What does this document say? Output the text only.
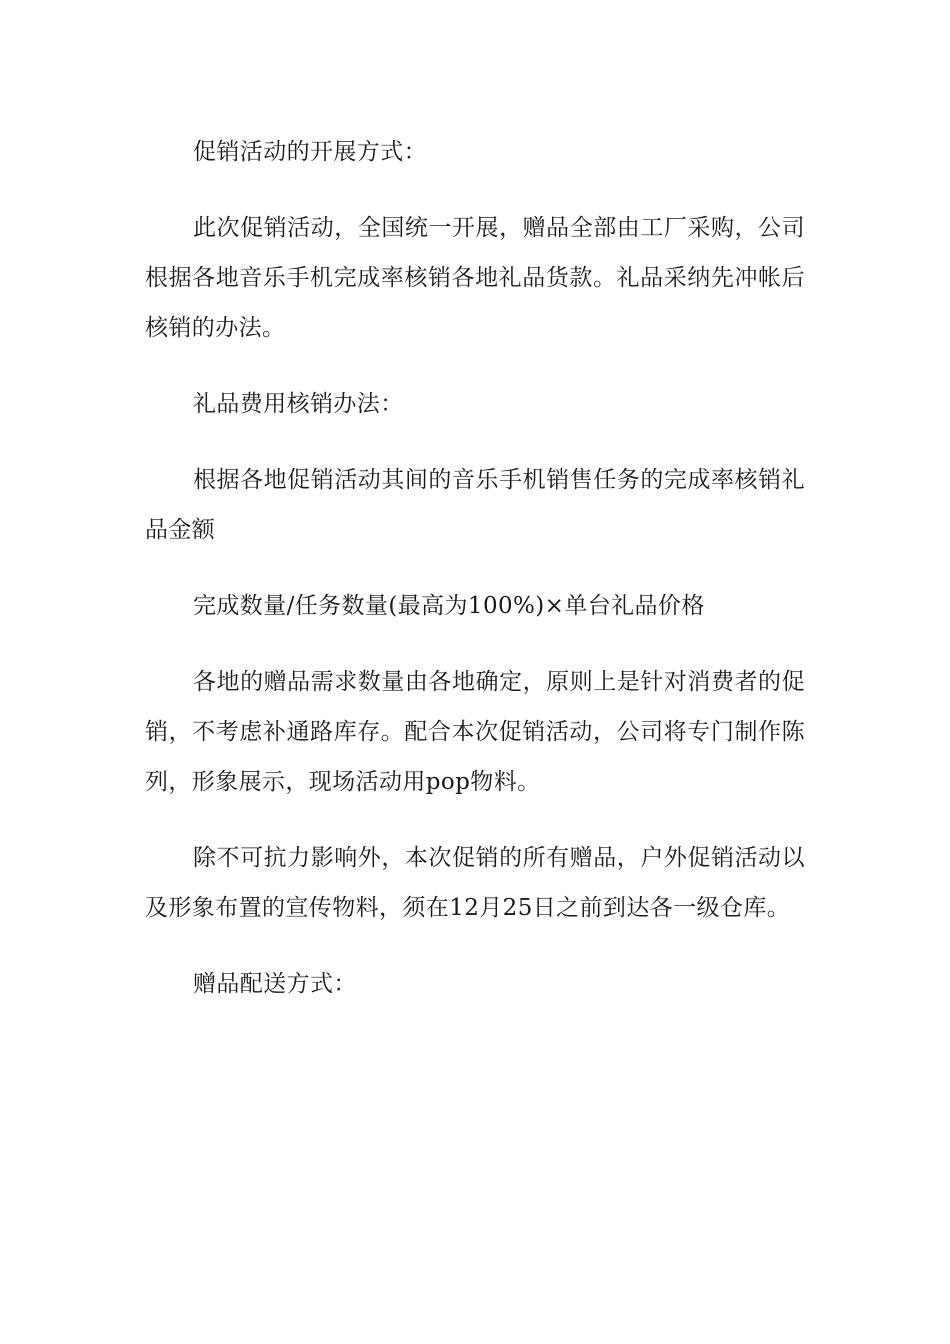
促销活动的开展方式：

此次促销活动，全国统一开展，赠品全部由工厂采购，公司根据各地音乐手机完成率核销各地礼品货款。礼品采纳先冲帐后核销的办法。

礼品费用核销办法：

根据各地促销活动其间的音乐手机销售任务的完成率核销礼品金额

完成数量/任务数量(最高为100%)×单台礼品价格

各地的赠品需求数量由各地确定，原则上是针对消费者的促销，不考虑补通路库存。配合本次促销活动，公司将专门制作陈列，形象展示，现场活动用pop物料。

除不可抗力影响外，本次促销的所有赠品，户外促销活动以及形象布置的宣传物料，须在12月25日之前到达各一级仓库。

赠品配送方式：
